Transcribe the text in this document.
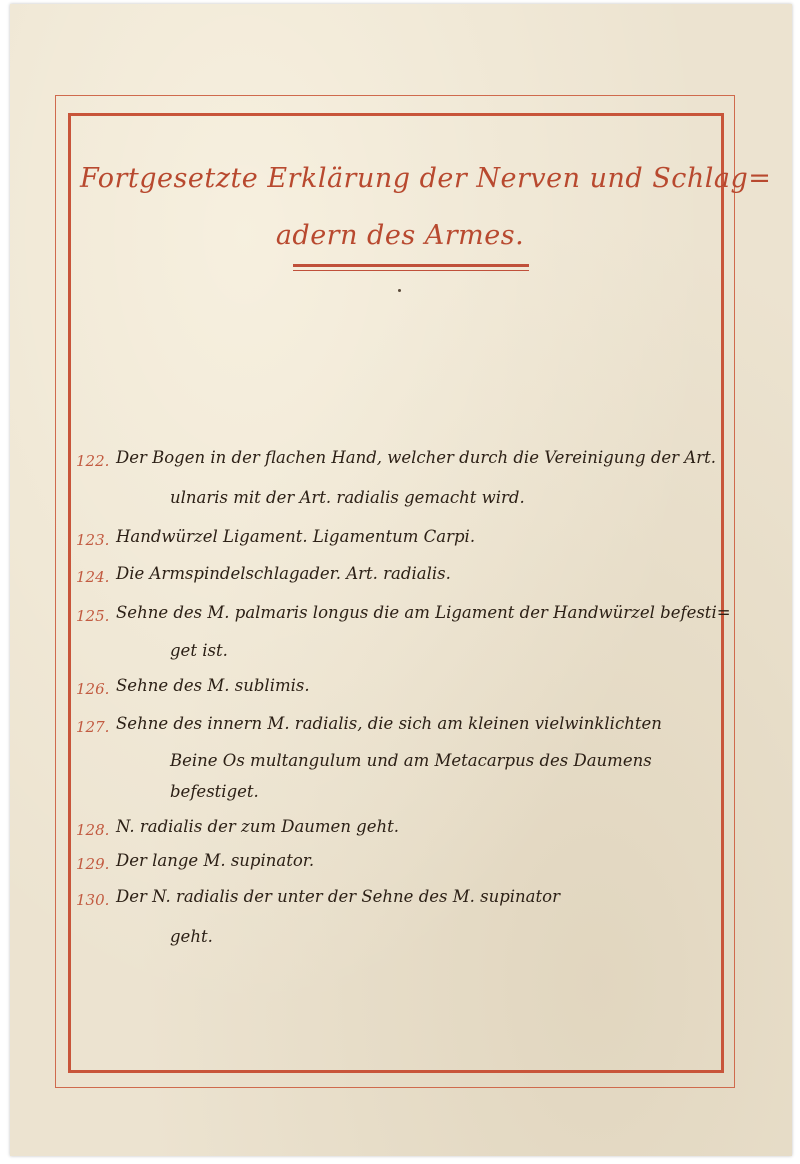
Fortgesetzte Erklärung der Nerven und Schlag=
adern des Armes.
122. Der Bogen in der flachen Hand, welcher durch die Vereinigung der Art.
ulnaris mit der Art. radialis gemacht wird.
123. Handwürzel Ligament. Ligamentum Carpi.
124. Die Armspindelschlagader. Art. radialis.
125. Sehne des M. palmaris longus die am Ligament der Handwürzel befesti=
get ist.
126. Sehne des M. sublimis.
127. Sehne des innern M. radialis, die sich am kleinen vielwinklichten
Beine Os multangulum und am Metacarpus des Daumens
befestiget.
128. N. radialis der zum Daumen geht.
129. Der lange M. supinator.
130. Der N. radialis der unter der Sehne des M. supinator
geht.
